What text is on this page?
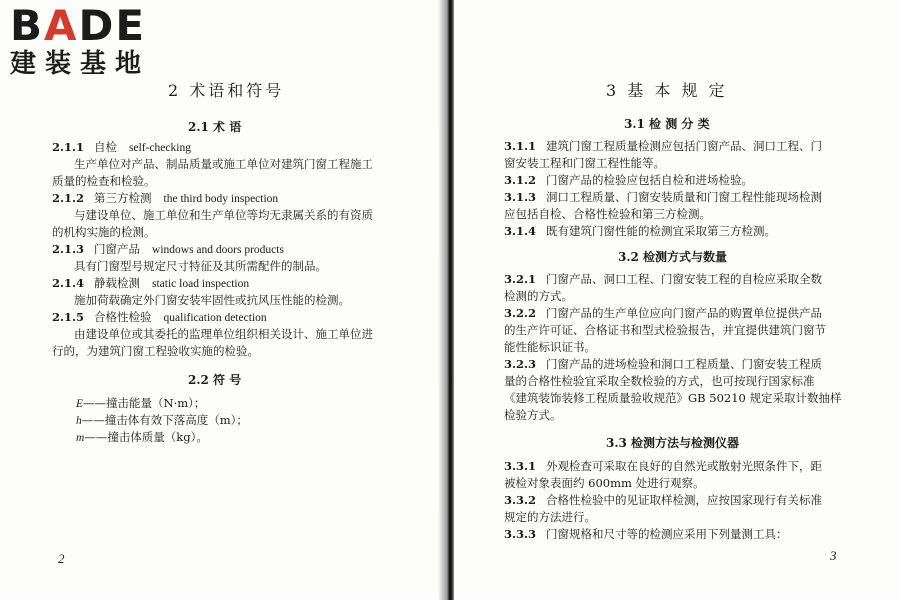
BADE
建装基地
2 术语和符号
2.1 术 语
2.1.1 自检 self-checking
生产单位对产品、制品质量或施工单位对建筑门窗工程施工
质量的检查和检验。
2.1.2 第三方检测 the third body inspection
与建设单位、施工单位和生产单位等均无隶属关系的有资质
的机构实施的检测。
2.1.3 门窗产品 windows and doors products
具有门窗型号规定尺寸特征及其所需配件的制品。
2.1.4 静载检测 static load inspection
施加荷载确定外门窗安装牢固性或抗风压性能的检测。
2.1.5 合格性检验 qualification detection
由建设单位或其委托的监理单位组织相关设计、施工单位进
行的，为建筑门窗工程验收实施的检验。
2.2 符 号
E——撞击能量（N·m）；
h——撞击体有效下落高度（m）；
m——撞击体质量（kg）。
2
3 基 本 规 定
3.1 检 测 分 类
3.1.1 建筑门窗工程质量检测应包括门窗产品、洞口工程、门
窗安装工程和门窗工程性能等。
3.1.2 门窗产品的检验应包括自检和进场检验。
3.1.3 洞口工程质量、门窗安装质量和门窗工程性能现场检测
应包括自检、合格性检验和第三方检测。
3.1.4 既有建筑门窗性能的检测宜采取第三方检测。
3.2 检测方式与数量
3.2.1 门窗产品、洞口工程、门窗安装工程的自检应采取全数
检测的方式。
3.2.2 门窗产品的生产单位应向门窗产品的购置单位提供产品
的生产许可证、合格证书和型式检验报告，并宜提供建筑门窗节
能性能标识证书。
3.2.3 门窗产品的进场检验和洞口工程质量、门窗安装工程质
量的合格性检验宜采取全数检验的方式，也可按现行国家标准
《建筑装饰装修工程质量验收规范》GB 50210 规定采取计数抽样
检验方式。
3.3 检测方法与检测仪器
3.3.1 外观检查可采取在良好的自然光或散射光照条件下，距
被检对象表面约 600mm 处进行观察。
3.3.2 合格性检验中的见证取样检测，应按国家现行有关标准
规定的方法进行。
3.3.3 门窗规格和尺寸等的检测应采用下列量测工具：
3
